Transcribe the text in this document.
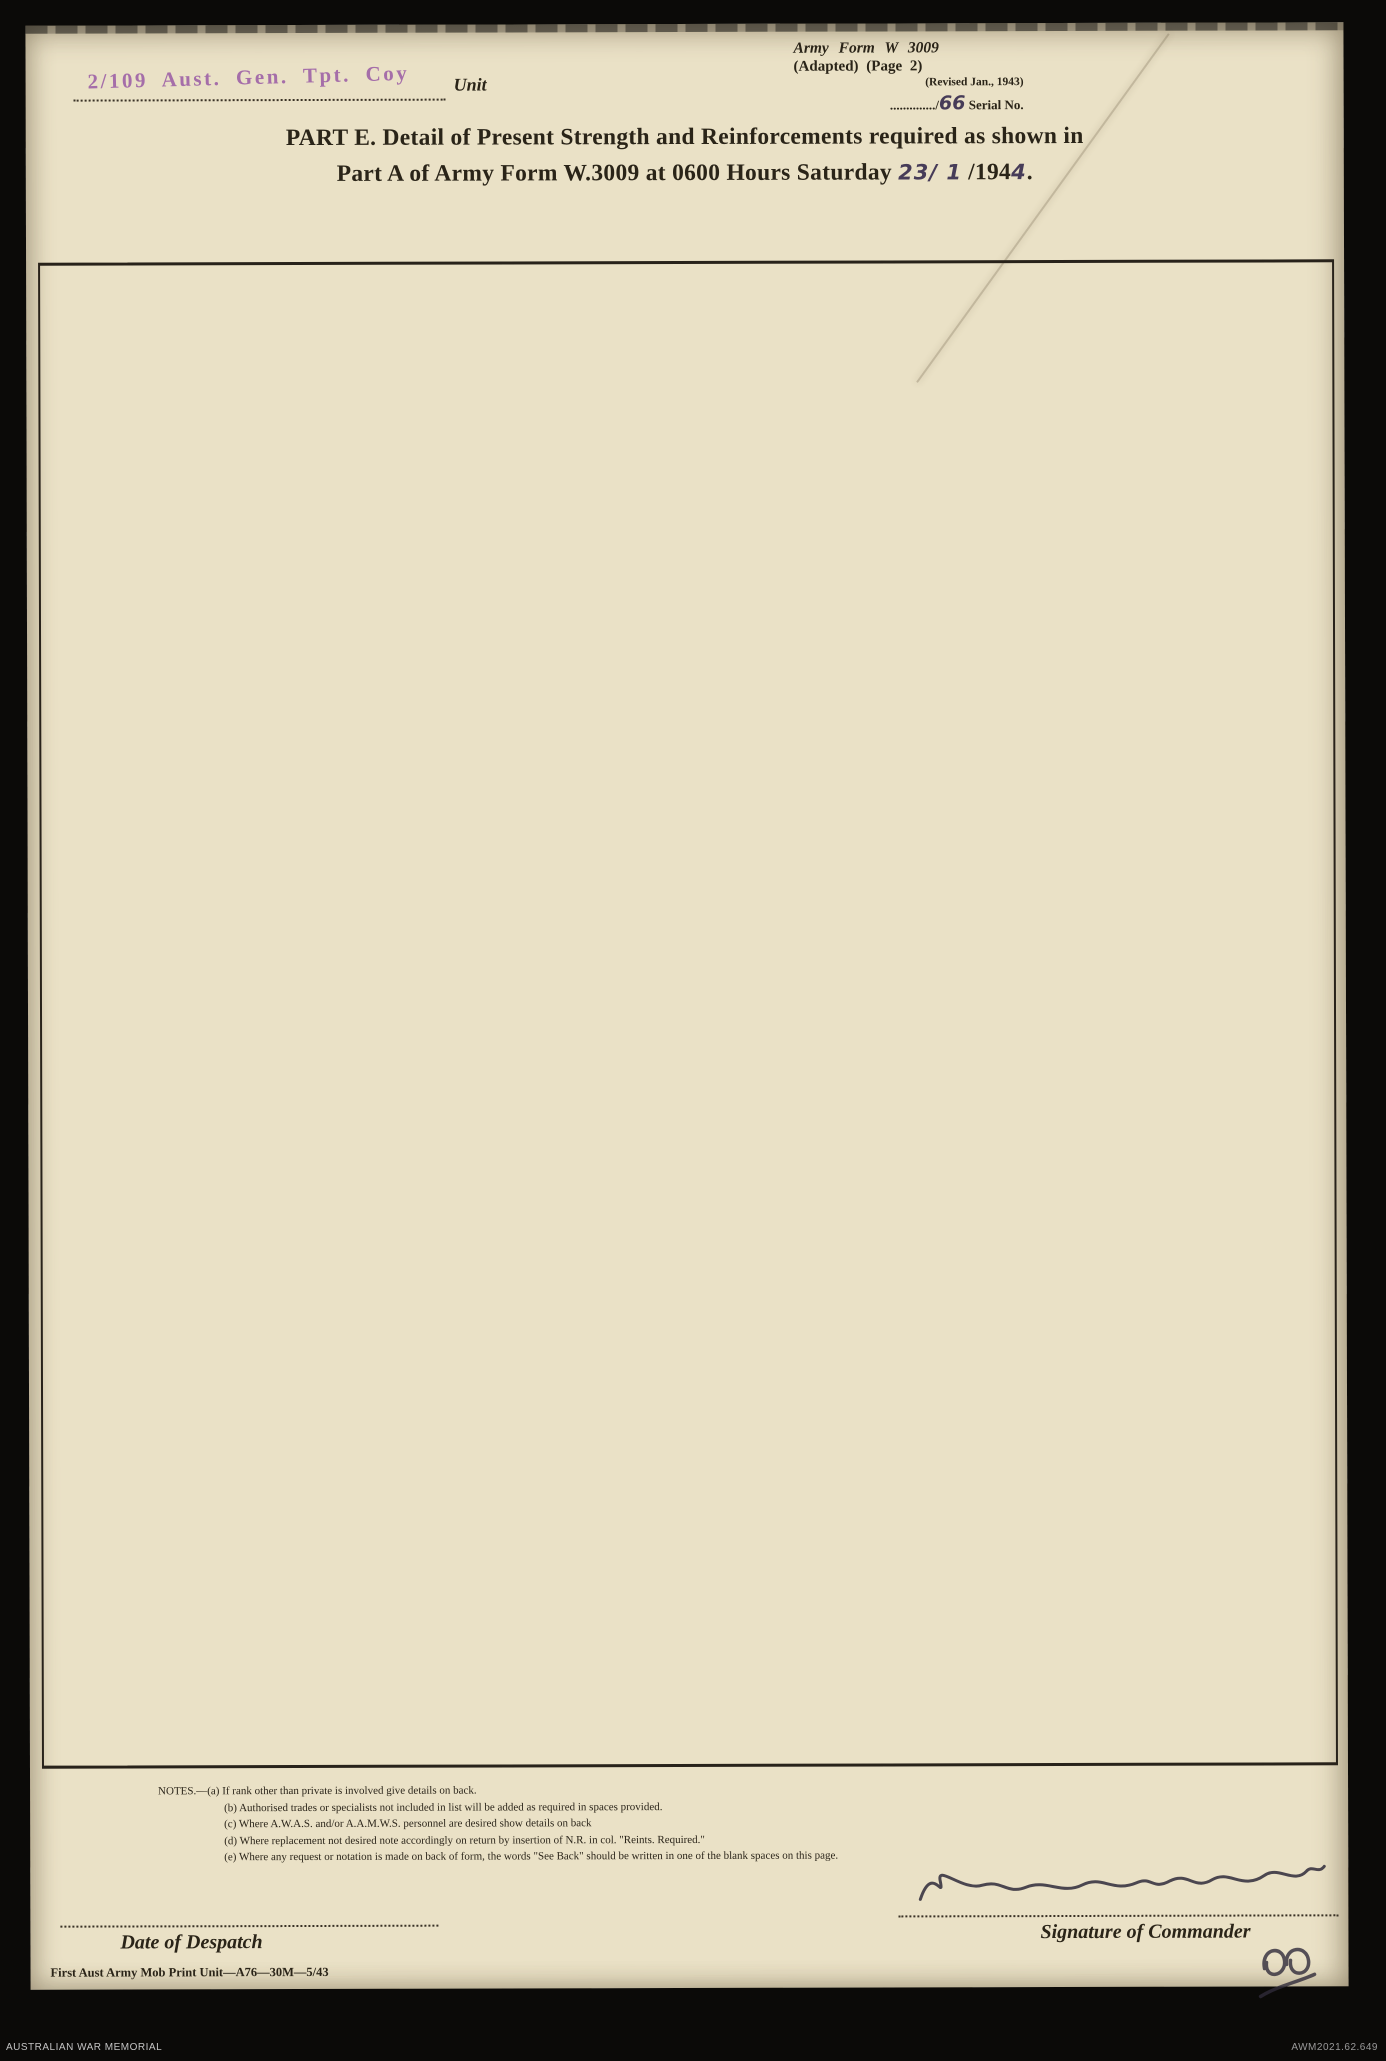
2/109 Aust. Gen. Tpt. Coy Unit
Army Form W 3009
(Adapted) (Page 2)
(Revised Jan., 1943)
............../66 Serial No.
PART E. Detail of Present Strength and Reinforcements required as shown in
Part A of Army Form W.3009 at 0600 Hours Saturday 23/ 1 /1944.
NOTES.—(a) If rank other than private is involved give details on back.
(b) Authorised trades or specialists not included in list will be added as required in spaces provided.
(c) Where A.W.A.S. and/or A.A.M.W.S. personnel are desired show details on back
(d) Where replacement not desired note accordingly on return by insertion of N.R. in col. "Reints. Required."
(e) Where any request or notation is made on back of form, the words "See Back" should be written in one of the blank spaces on this page.
Date of Despatch	Signature of Commander
First Aust Army Mob Print Unit—A76—30M—5/43
AUSTRALIAN WAR MEMORIAL	AWM2021.62.649
